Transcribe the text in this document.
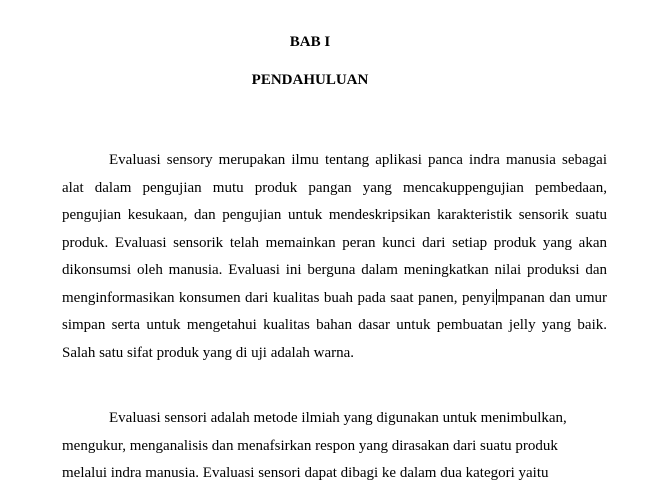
BAB I
PENDAHULUAN

Evaluasi sensory merupakan ilmu tentang aplikasi panca indra manusia sebagai alat dalam pengujian mutu produk pangan yang mencakuppengujian pembedaan, pengujian kesukaan, dan pengujian untuk mendeskripsikan karakteristik sensorik suatu produk. Evaluasi sensorik telah memainkan peran kunci dari setiap produk yang akan dikonsumsi oleh manusia. Evaluasi ini berguna dalam meningkatkan nilai produksi dan menginformasikan konsumen dari kualitas buah pada saat panen, penyi mpanan dan umur simpan serta untuk mengetahui kualitas bahan dasar untuk pembuatan jelly yang baik. Salah satu sifat produk yang di uji adalah warna.

Evaluasi sensori adalah metode ilmiah yang digunakan untuk menimbulkan, mengukur, menganalisis dan menafsirkan respon yang dirasakan dari suatu produk melalui indra manusia. Evaluasi sensori dapat dibagi ke dalam dua kategori yaitu
